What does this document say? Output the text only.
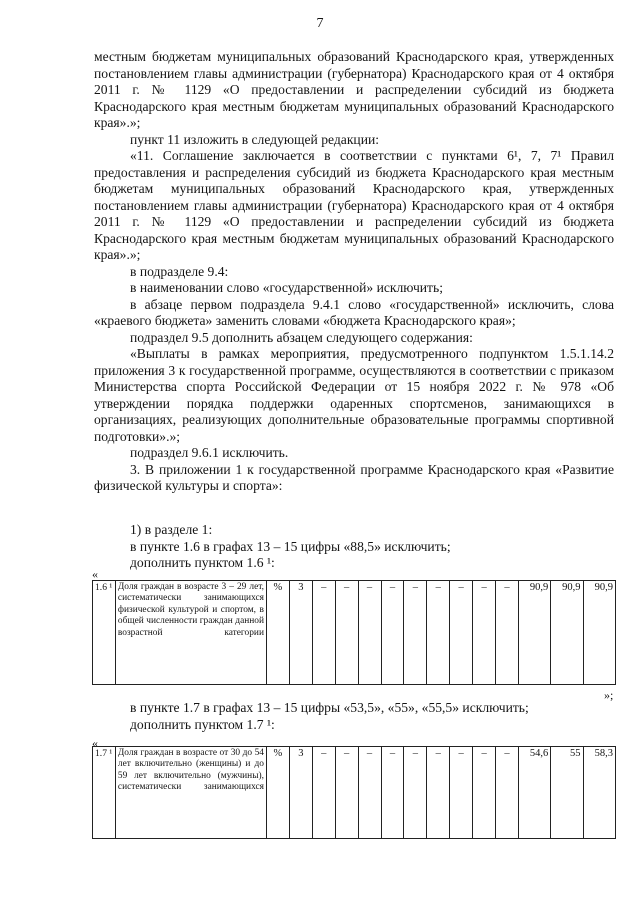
7

местным бюджетам муниципальных образований Краснодарского края, утвержденных постановлением главы администрации (губернатора) Краснодарского края от 4 октября 2011 г. № 1129 «О предоставлении и распределении субсидий из бюджета Краснодарского края местным бюджетам муниципальных образований Краснодарского края».»;

пункт 11 изложить в следующей редакции:

«11. Соглашение заключается в соответствии с пунктами 6¹, 7, 7¹ Правил предоставления и распределения субсидий из бюджета Краснодарского края местным бюджетам муниципальных образований Краснодарского края, утвержденных постановлением главы администрации (губернатора) Краснодарского края от 4 октября 2011 г. № 1129 «О предоставлении и распределении субсидий из бюджета Краснодарского края местным бюджетам муниципальных образований Краснодарского края».»;

в подразделе 9.4:

в наименовании слово «государственной» исключить;

в абзаце первом подраздела 9.4.1 слово «государственной» исключить, слова «краевого бюджета» заменить словами «бюджета Краснодарского края»;

подраздел 9.5 дополнить абзацем следующего содержания:

«Выплаты в рамках мероприятия, предусмотренного подпунктом 1.5.1.14.2 приложения 3 к государственной программе, осуществляются в соответствии с приказом Министерства спорта Российской Федерации от 15 ноября 2022 г. № 978 «Об утверждении порядка поддержки одаренных спортсменов, занимающихся в организациях, реализующих дополнительные образовательные программы спортивной подготовки».»;

подраздел 9.6.1 исключить.

3. В приложении 1 к государственной программе Краснодарского края «Развитие физической культуры и спорта»:

1) в разделе 1:

в пункте 1.6 в графах 13 – 15 цифры «88,5» исключить;

дополнить пунктом 1.6 ¹:

«
1.6 ¹	Доля граждан в возрасте 3 – 29 лет, систематически занимающихся физической культурой и спортом, в общей численности граждан данной возрастной категории	%	3	–	–	–	–	–	–	–	–	–	90,9	90,9	90,9
»;

в пункте 1.7 в графах 13 – 15 цифры «53,5», «55», «55,5» исключить;

дополнить пунктом 1.7 ¹:

«
1.7 ¹	Доля граждан в возрасте от 30 до 54 лет включительно (женщины) и до 59 лет включительно (мужчины), систематически занимающихся	%	3	–	–	–	–	–	–	–	–	–	54,6	55	58,3
